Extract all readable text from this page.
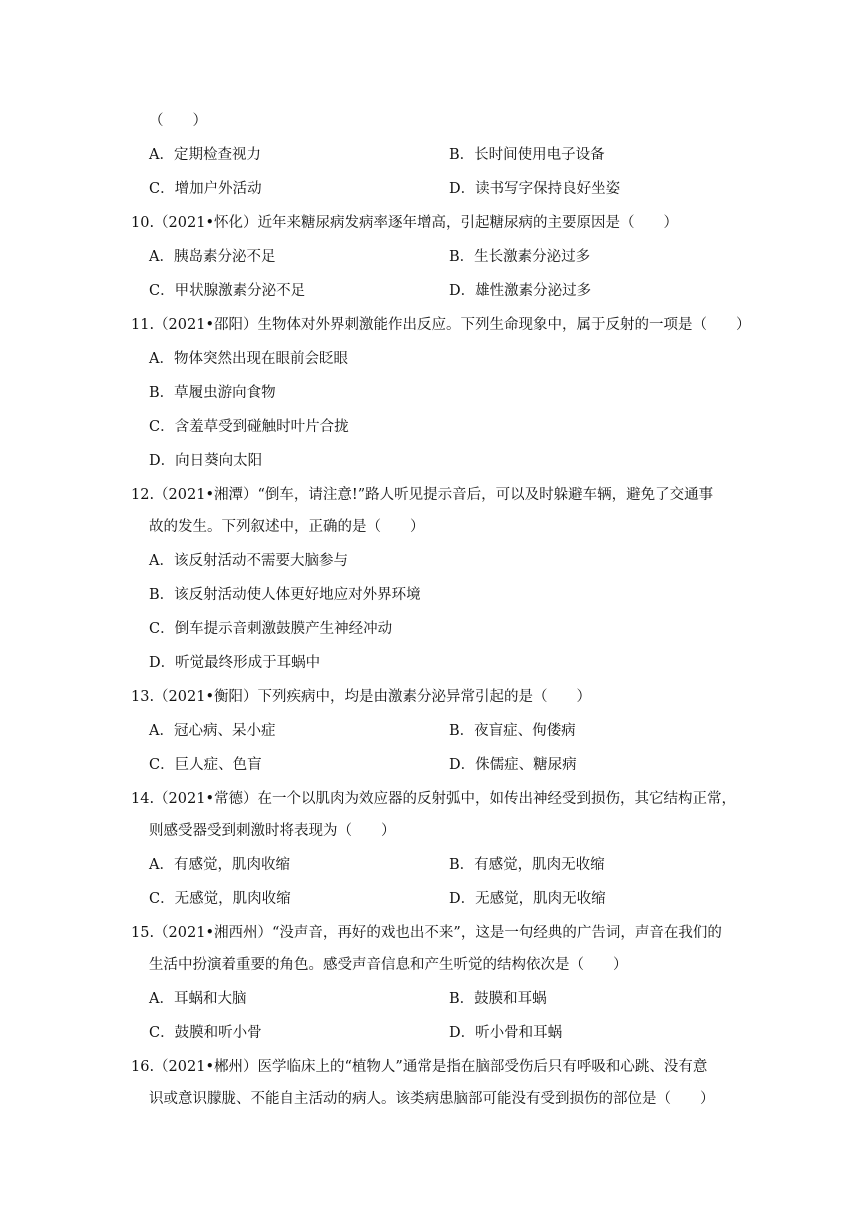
（　　）
A．定期检查视力	B．长时间使用电子设备
C．增加户外活动	D．读书写字保持良好坐姿
10.（2021•怀化）近年来糖尿病发病率逐年增高，引起糖尿病的主要原因是（　　）
A．胰岛素分泌不足	B．生长激素分泌过多
C．甲状腺激素分泌不足	D．雄性激素分泌过多
11.（2021•邵阳）生物体对外界刺激能作出反应。下列生命现象中，属于反射的一项是（　　）
A．物体突然出现在眼前会眨眼
B．草履虫游向食物
C．含羞草受到碰触时叶片合拢
D．向日葵向太阳
12.（2021•湘潭）“倒车，请注意!”路人听见提示音后，可以及时躲避车辆，避免了交通事
故的发生。下列叙述中，正确的是（　　）
A．该反射活动不需要大脑参与
B．该反射活动使人体更好地应对外界环境
C．倒车提示音刺激鼓膜产生神经冲动
D．听觉最终形成于耳蜗中
13.（2021•衡阳）下列疾病中，均是由激素分泌异常引起的是（　　）
A．冠心病、呆小症	B．夜盲症、佝偻病
C．巨人症、色盲	D．侏儒症、糖尿病
14.（2021•常德）在一个以肌肉为效应器的反射弧中，如传出神经受到损伤，其它结构正常，
则感受器受到刺激时将表现为（　　）
A．有感觉，肌肉收缩	B．有感觉，肌肉无收缩
C．无感觉，肌肉收缩	D．无感觉，肌肉无收缩
15.（2021•湘西州）“没声音，再好的戏也出不来”，这是一句经典的广告词，声音在我们的
生活中扮演着重要的角色。感受声音信息和产生听觉的结构依次是（　　）
A．耳蜗和大脑	B．鼓膜和耳蜗
C．鼓膜和听小骨	D．听小骨和耳蜗
16.（2021•郴州）医学临床上的“植物人”通常是指在脑部受伤后只有呼吸和心跳、没有意
识或意识朦胧、不能自主活动的病人。该类病患脑部可能没有受到损伤的部位是（　　）
